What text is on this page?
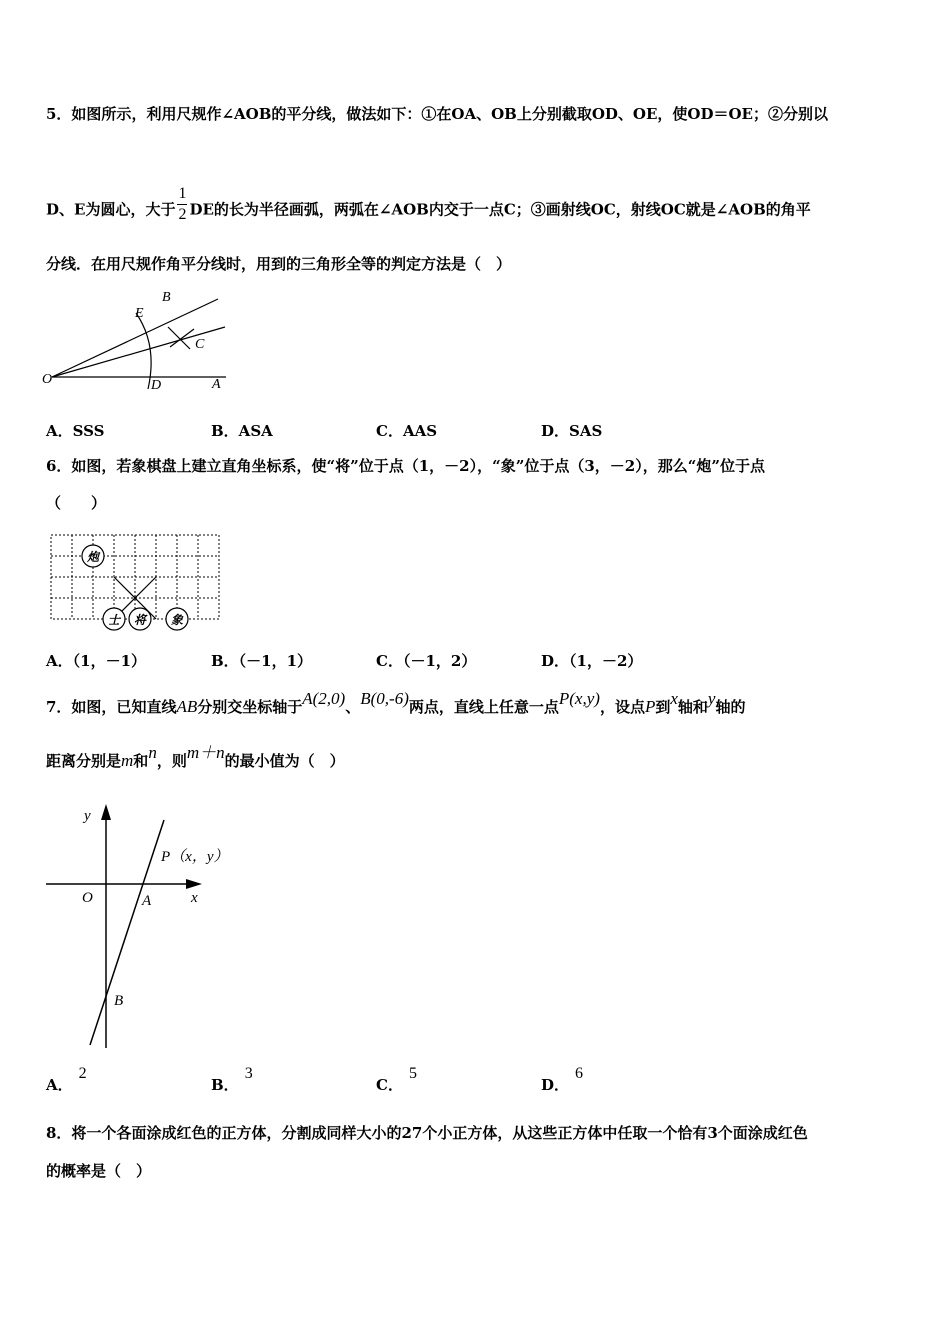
5．如图所示，利用尺规作∠AOB的平分线，做法如下：①在OA、OB上分别截取OD、OE，使OD＝OE；②分别以
D、E为圆心，大于 $\frac{1}{2}$ DE的长为半径画弧，两弧在∠AOB内交于一点C；③画射线OC，射线OC就是∠AOB的角平
分线．在用尺规作角平分线时，用到的三角形全等的判定方法是（　）
O	A
B
C
D
E
A．SSS	B．ASA	C．AAS	D．SAS
6．如图，若象棋盘上建立直角坐标系，使“将”位于点（1，－2），“象”位于点（3，－2），那么“炮”位于点
（　　）
炮
士 将 象
A．（1，－1）	B．（－1，1）	C．（－1，2）	D．（1，－2）
7．如图，已知直线AB分别交坐标轴于A(2,0)、B(0,-6)两点，直线上任意一点P(x,y)，设点P到x轴和y轴的
距离分别是m和n，则m＋n的最小值为（　）
y
x
O	A
B
P（x，y）
A．2
B．3
C．5
D．6
8．将一个各面涂成红色的正方体，分割成同样大小的27个小正方体，从这些正方体中任取一个恰有3个面涂成红色
的概率是（　）
